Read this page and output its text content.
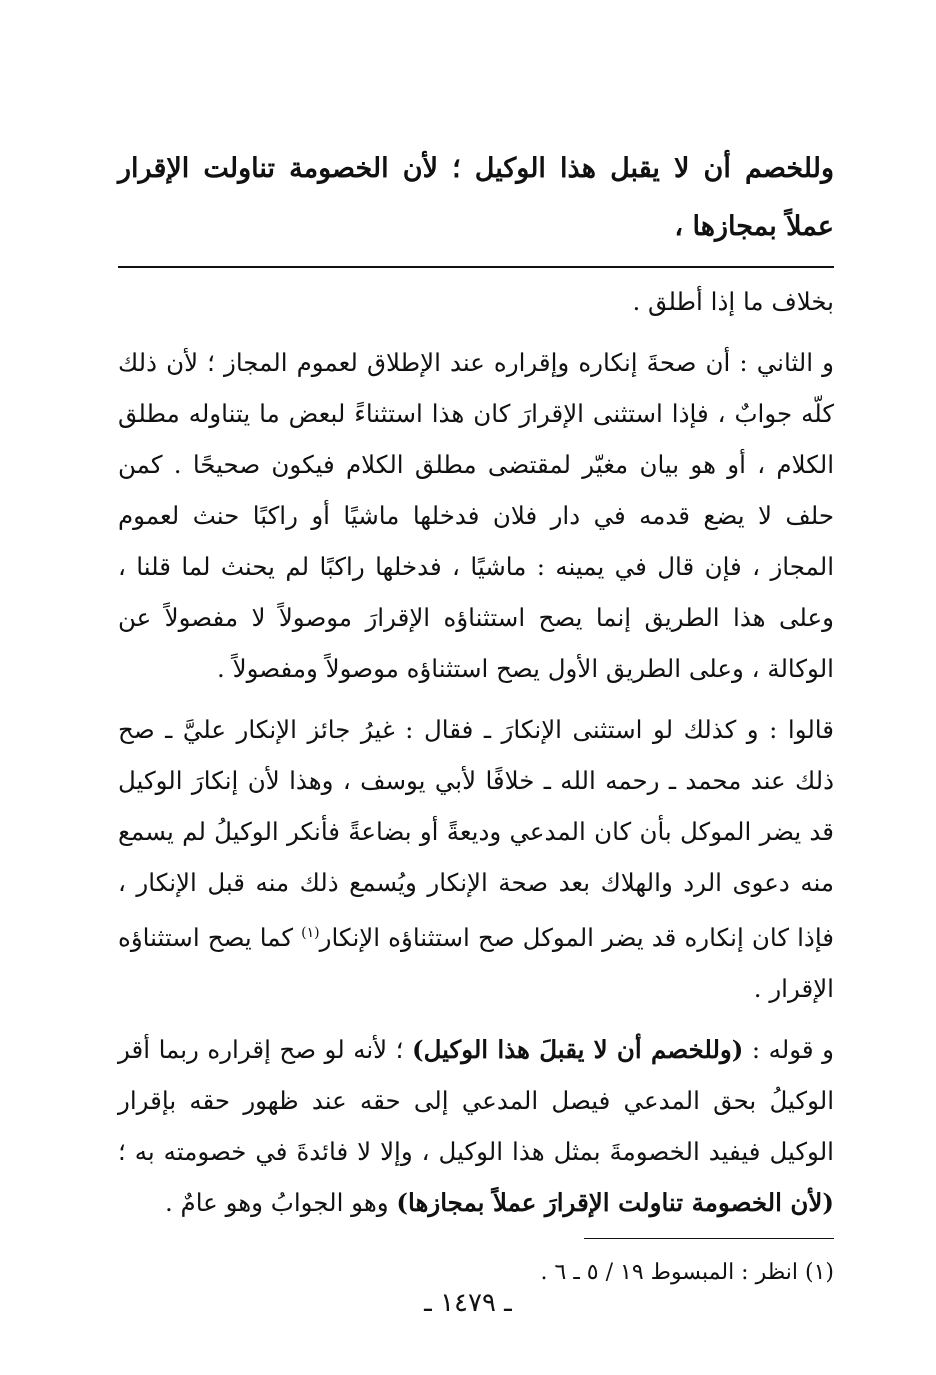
وللخصم أن لا يقبل هذا الوكيل ؛ لأن الخصومة تناولت الإقرار عملاً بمجازها ،

بخلاف ما إذا أطلق .

و الثاني : أن صحةَ إنكاره وإقراره عند الإطلاق لعموم المجاز ؛ لأن ذلك كلّه جوابٌ ، فإذا استثنى الإقرارَ كان هذا استثناءً لبعض ما يتناوله مطلق الكلام ، أو هو بيان مغيّر لمقتضى مطلق الكلام فيكون صحيحًا . كمن حلف لا يضع قدمه في دار فلان فدخلها ماشيًا أو راكبًا حنث لعموم المجاز ، فإن قال في يمينه : ماشيًا ، فدخلها راكبًا لم يحنث لما قلنا ، وعلى هذا الطريق إنما يصح استثناؤه الإقرارَ موصولاً لا مفصولاً عن الوكالة ، وعلى الطريق الأول يصح استثناؤه موصولاً ومفصولاً .

قالوا : و كذلك لو استثنى الإنكارَ ـ فقال : غيرُ جائز الإنكار عليَّ ـ صح ذلك عند محمد ـ رحمه الله ـ خلافًا لأبي يوسف ، وهذا لأن إنكارَ الوكيل قد يضر الموكل بأن كان المدعي وديعةً أو بضاعةً فأنكر الوكيلُ لم يسمع منه دعوى الرد والهلاك بعد صحة الإنكار ويُسمع ذلك منه قبل الإنكار ، فإذا كان إنكاره قد يضر الموكل صح استثناؤه الإنكار$^{(١)}$ كما يصح استثناؤه الإقرار .

و قوله : (وللخصم أن لا يقبلَ هذا الوكيل) ؛ لأنه لو صح إقراره ربما أقر الوكيلُ بحق المدعي فيصل المدعي إلى حقه عند ظهور حقه بإقرار الوكيل فيفيد الخصومةَ بمثل هذا الوكيل ، وإلا لا فائدةَ في خصومته به ؛ (لأن الخصومة تناولت الإقرارَ عملاً بمجازها) وهو الجوابُ وهو عامٌ .

(١) انظر : المبسوط ١٩ / ٥ ـ ٦ .

ـ ١٤٧٩ ـ
